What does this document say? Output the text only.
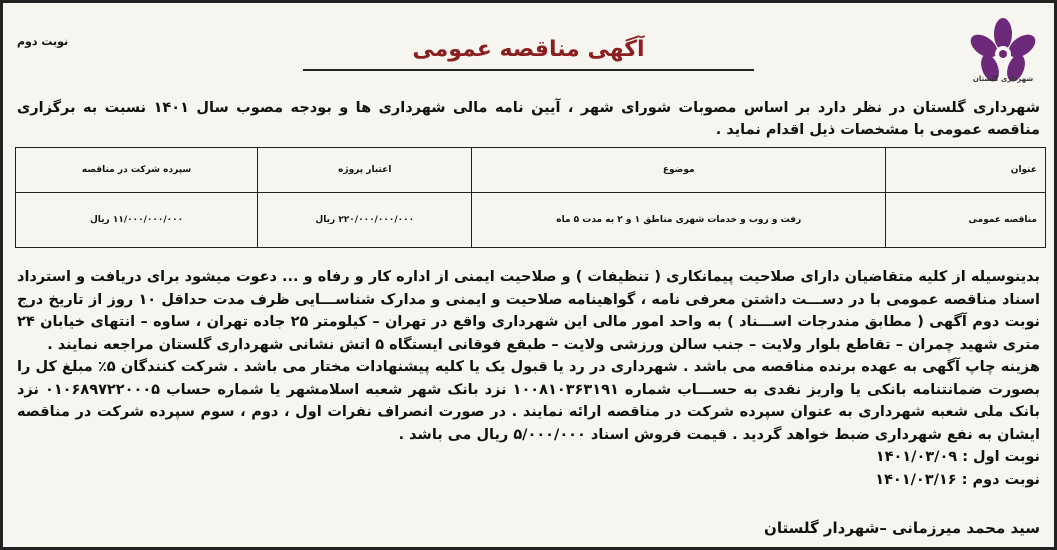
شهرداری گلستان
نوبت دوم	آگهی مناقصه عمومی
شهرداری گلستان در نظر دارد بر اساس مصوبات شورای شهر ، آیین نامه مالی شهرداری ها و بودجه مصوب سال ۱۴۰۱ نسبت به برگزاری مناقصه عمومی با مشخصات ذیل اقدام نماید .
عنوان	موضوع	اعتبار پروژه	سپرده شرکت در مناقصه
مناقصه عمومی	رفت و روب و خدمات شهری مناطق ۱ و ۲ به مدت ۵ ماه	۲۲۰/۰۰۰/۰۰۰/۰۰۰ ریال	۱۱/۰۰۰/۰۰۰/۰۰۰ ریال
بدینوسیله از کلیه متقاضیان دارای صلاحیت پیمانکاری ( تنظیفات ) و صلاحیت ایمنی از اداره کار و رفاه و ... دعوت میشود برای دریافت و استرداد اسناد مناقصه عمومی با در دســـت داشتن معرفی نامه ، گواهینامه صلاحیت و ایمنی و مدارک شناســـایی ظرف مدت حداقل ۱۰ روز از تاریخ درج نوبت دوم آگهی ( مطابق مندرجات اســـناد ) به واحد امور مالی این شهرداری واقع در تهران – کیلومتر ۲۵ جاده تهران ، ساوه – انتهای خیابان ۲۴ متری شهید چمران – تقاطع بلوار ولایت – جنب سالن ورزشی ولایت – طبقع فوقانی ایستگاه ۵ اتش نشانی شهرداری گلستان مراجعه نمایند .
هزینه چاپ آگهی به عهده برنده مناقصه می باشد . شهرداری در رد یا قبول یک یا کلیه پیشنهادات مختار می باشد . شرکت کنندگان ۵٪ مبلغ کل را بصورت ضمانتنامه بانکی یا واریز نقدی به حســـاب شماره ۱۰۰۸۱۰۳۶۳۱۹۱ نزد بانک شهر شعبه اسلامشهر یا شماره حساب ۰۱۰۶۸۹۷۲۲۰۰۰۵ نزد بانک ملی شعبه شهرداری به عنوان سپرده شرکت در مناقصه ارائه نمایند . در صورت انصراف نفرات اول ، دوم ، سوم سپرده شرکت در مناقصه ایشان به نفع شهرداری ضبط خواهد گردید . قیمت فروش اسناد ۵/۰۰۰/۰۰۰ ریال می باشد .
نوبت اول : ۱۴۰۱/۰۳/۰۹
نوبت دوم : ۱۴۰۱/۰۳/۱۶
سید محمد میرزمانی –شهردار گلستان
